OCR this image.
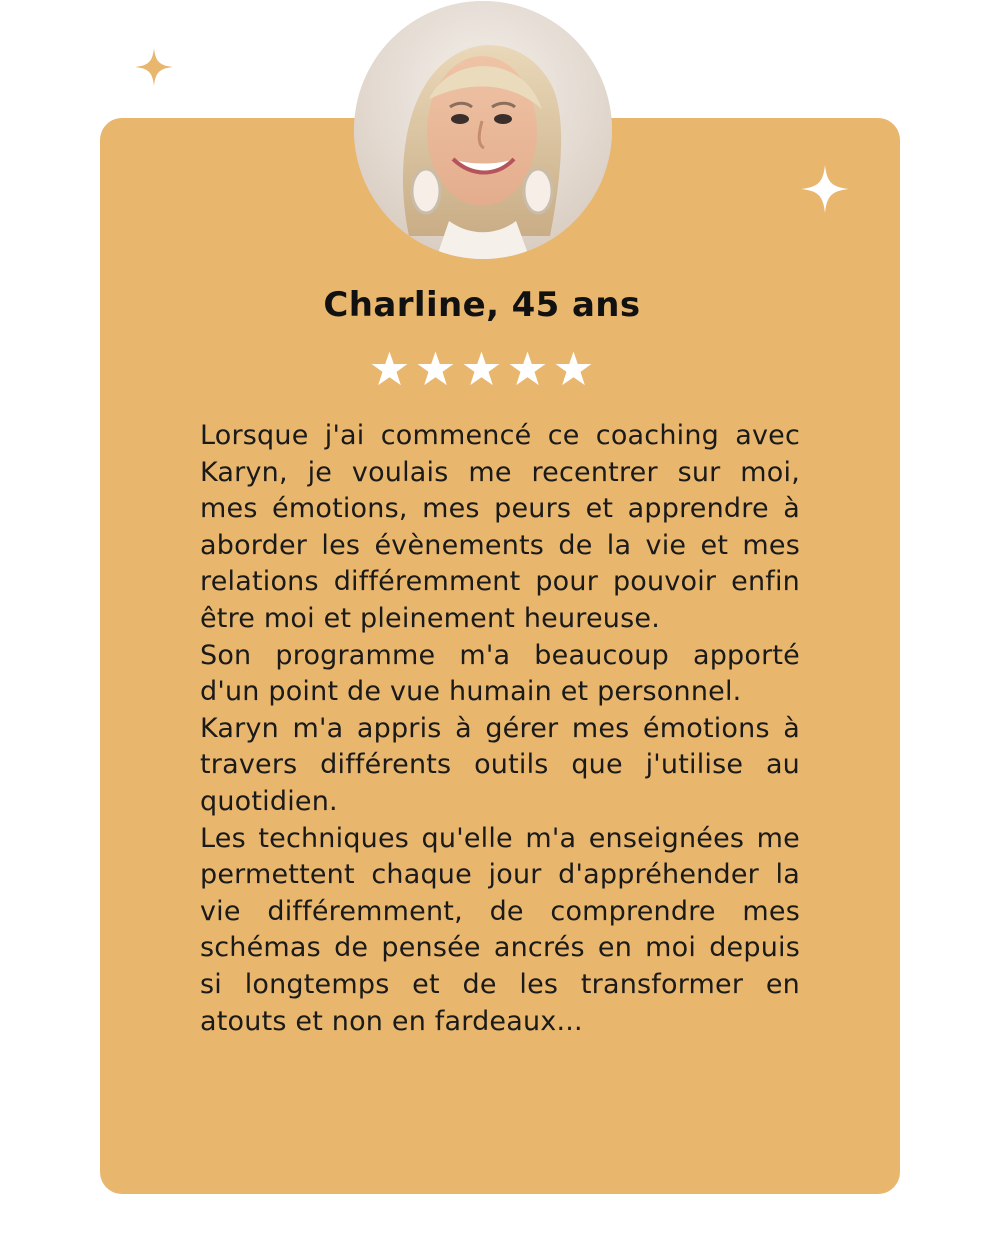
Charline, 45 ans

Lorsque j'ai commencé ce coaching avec Karyn, je voulais me recentrer sur moi, mes émotions, mes peurs et apprendre à aborder les évènements de la vie et mes relations différemment pour pouvoir enfin être moi et pleinement heureuse.

Son programme m'a beaucoup apporté d'un point de vue humain et personnel.

Karyn m'a appris à gérer mes émotions à travers différents outils que j'utilise au quotidien.

Les techniques qu'elle m'a enseignées me permettent chaque jour d'appréhender la vie différemment, de comprendre mes schémas de pensée ancrés en moi depuis si longtemps et de les transformer en atouts et non en fardeaux...
